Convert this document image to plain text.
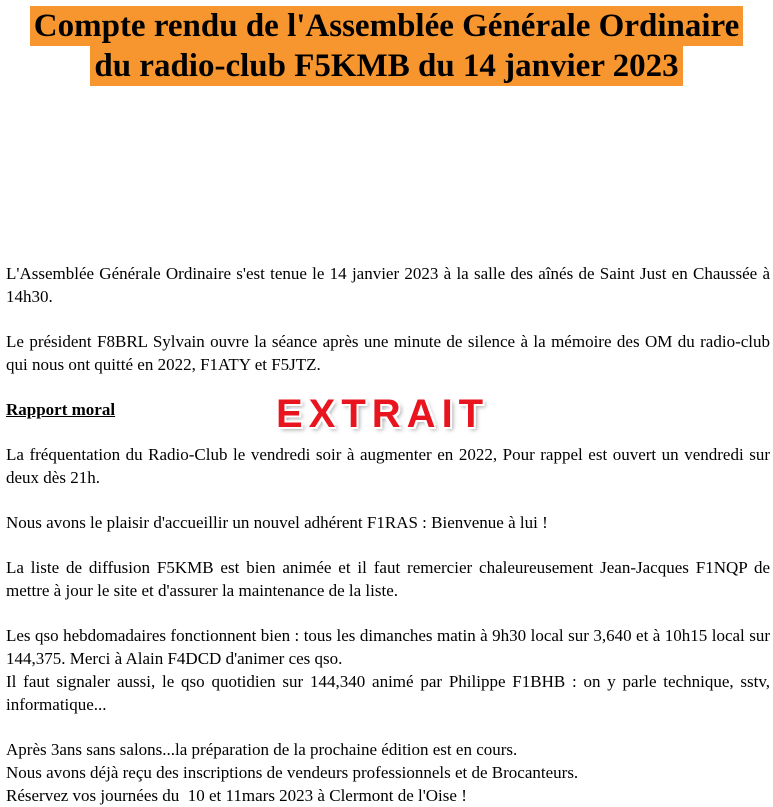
Compte rendu de l'Assemblée Générale Ordinaire
du radio-club F5KMB du 14 janvier 2023
EXTRAIT

L'Assemblée Générale Ordinaire s'est tenue le 14 janvier 2023 à la salle des aînés de Saint Just en Chaussée à 14h30.

Le président F8BRL Sylvain ouvre la séance après une minute de silence à la mémoire des OM du radio-club qui nous ont quitté en 2022, F1ATY et F5JTZ.

Rapport moral

La fréquentation du Radio-Club le vendredi soir à augmenter en 2022, Pour rappel est ouvert un vendredi sur deux dès 21h.

Nous avons le plaisir d'accueillir un nouvel adhérent F1RAS : Bienvenue à lui !

La liste de diffusion F5KMB est bien animée et il faut remercier chaleureusement Jean-Jacques F1NQP de mettre à jour le site et d'assurer la maintenance de la liste.

Les qso hebdomadaires fonctionnent bien : tous les dimanches matin à 9h30 local sur 3,640 et à 10h15 local sur 144,375. Merci à Alain F4DCD d'animer ces qso.

Il faut signaler aussi, le qso quotidien sur 144,340 animé par Philippe F1BHB : on y parle technique, sstv, informatique...

Après 3ans sans salons...la préparation de la prochaine édition est en cours.

Nous avons déjà reçu des inscriptions de vendeurs professionnels et de Brocanteurs.

Réservez vos journées du  10 et 11mars 2023 à Clermont de l'Oise !
